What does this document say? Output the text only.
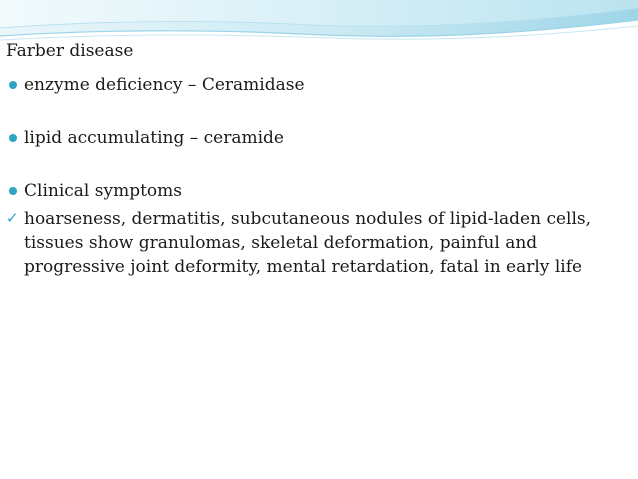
Farber disease
enzyme deficiency – Ceramidase
lipid accumulating – ceramide
Clinical symptoms
✓ hoarseness, dermatitis, subcutaneous nodules of lipid-laden cells, tissues show granulomas, skeletal deformation, painful and progressive joint deformity, mental retardation, fatal in early life
